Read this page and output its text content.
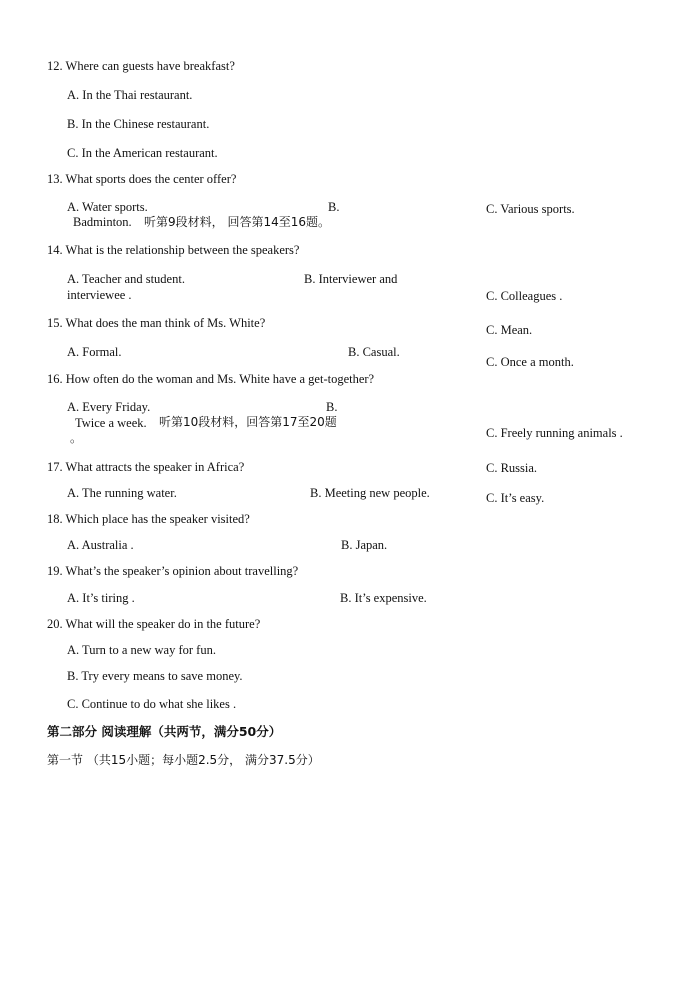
12. Where can guests have breakfast?
A. In the Thai restaurant.
B. In the Chinese restaurant.
C. In the American restaurant.
13. What sports does the center offer?
A. Water sports.	B.	C. Various sports.
Badminton. 听第9段材料， 回答第14至16题。
14. What is the relationship between the speakers?
A. Teacher and student.	B. Interviewer and
interviewee .	C. Colleagues .
15. What does the man think of Ms. White?	C. Mean.
A. Formal.	B. Casual.
C. Once a month.
16. How often do the woman and Ms. White have a get-together?
A. Every Friday.	B.
Twice a week. 听第10段材料，回答第17至20题
。	C. Freely running animals .
17. What attracts the speaker in Africa?	C. Russia.
A. The running water.	B. Meeting new people.	C. It’s easy.
18. Which place has the speaker visited?
A. Australia .	B. Japan.
19. What’s the speaker’s opinion about travelling?
A. It’s tiring .	B. It’s expensive.
20. What will the speaker do in the future?
A. Turn to a new way for fun.
B. Try every means to save money.
C. Continue to do what she likes .
第二部分 阅读理解（共两节，满分50分）
第一节 （共15小题；每小题2.5分， 满分37.5分）
